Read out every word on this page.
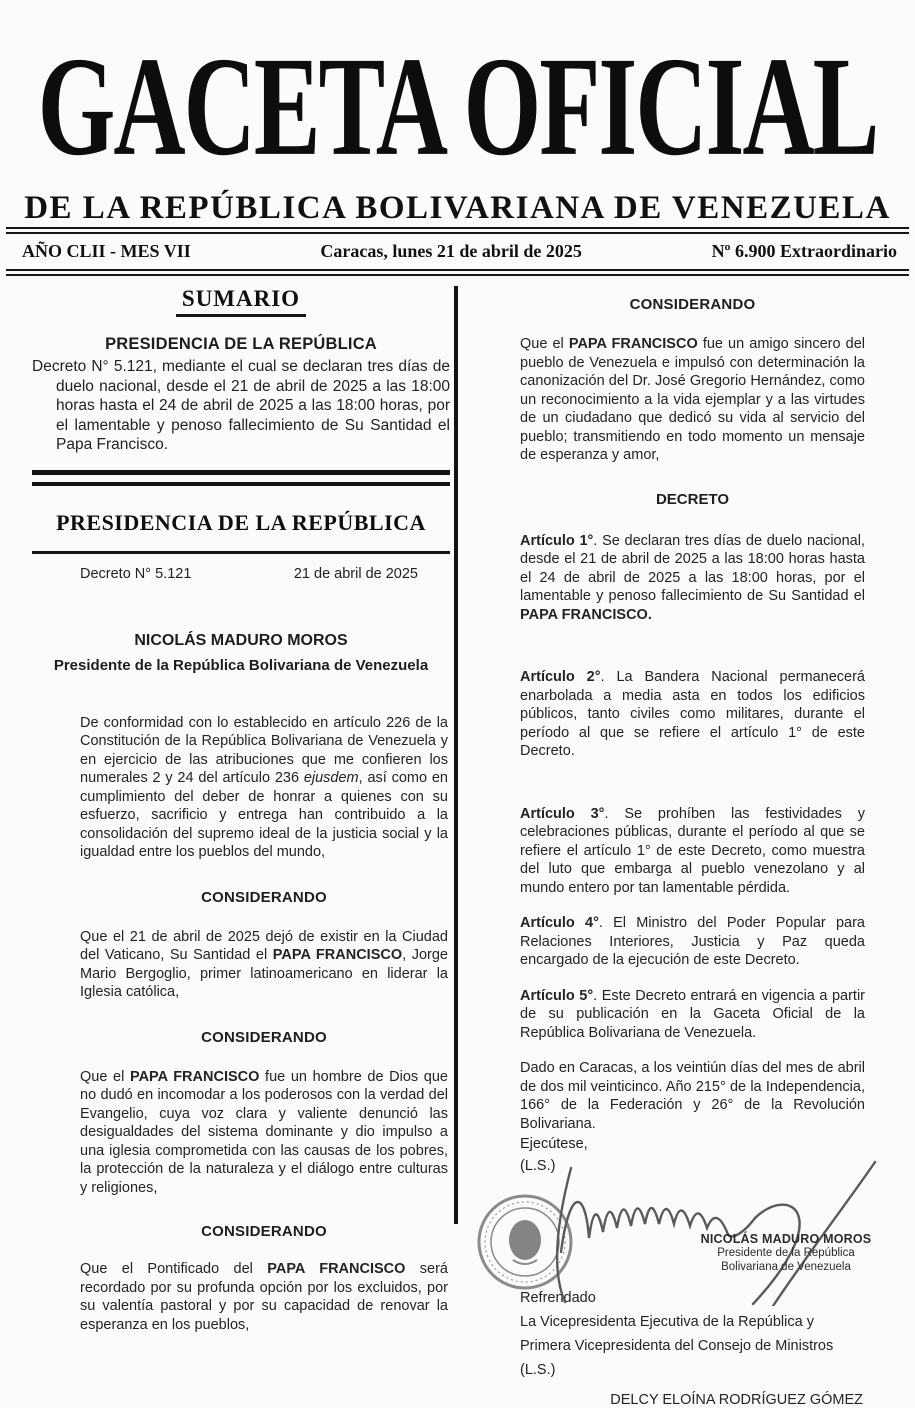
GACETA OFICIAL
DE LA REPÚBLICA BOLIVARIANA DE VENEZUELA
AÑO CLII - MES VII	Caracas, lunes 21 de abril de 2025	Nº 6.900 Extraordinario
SUMARIO
PRESIDENCIA DE LA REPÚBLICA
Decreto N° 5.121, mediante el cual se declaran tres días de duelo nacional, desde el 21 de abril de 2025 a las 18:00 horas hasta el 24 de abril de 2025 a las 18:00 horas, por el lamentable y penoso fallecimiento de Su Santidad el Papa Francisco.
PRESIDENCIA DE LA REPÚBLICA
Decreto N° 5.121	21 de abril de 2025
NICOLÁS MADURO MOROS
Presidente de la República Bolivariana de Venezuela

De conformidad con lo establecido en artículo 226 de la Constitución de la República Bolivariana de Venezuela y en ejercicio de las atribuciones que me confieren los numerales 2 y 24 del artículo 236 ejusdem, así como en cumplimiento del deber de honrar a quienes con su esfuerzo, sacrificio y entrega han contribuido a la consolidación del supremo ideal de la justicia social y la igualdad entre los pueblos del mundo,

CONSIDERANDO

Que el 21 de abril de 2025 dejó de existir en la Ciudad del Vaticano, Su Santidad el PAPA FRANCISCO, Jorge Mario Bergoglio, primer latinoamericano en liderar la Iglesia católica,

CONSIDERANDO

Que el PAPA FRANCISCO fue un hombre de Dios que no dudó en incomodar a los poderosos con la verdad del Evangelio, cuya voz clara y valiente denunció las desigualdades del sistema dominante y dio impulso a una iglesia comprometida con las causas de los pobres, la protección de la naturaleza y el diálogo entre culturas y religiones,

CONSIDERANDO

Que el Pontificado del PAPA FRANCISCO será recordado por su profunda opción por los excluidos, por su valentía pastoral y por su capacidad de renovar la esperanza en los pueblos,

CONSIDERANDO

Que el PAPA FRANCISCO fue un amigo sincero del pueblo de Venezuela e impulsó con determinación la canonización del Dr. José Gregorio Hernández, como un reconocimiento a la vida ejemplar y a las virtudes de un ciudadano que dedicó su vida al servicio del pueblo; transmitiendo en todo momento un mensaje de esperanza y amor,

DECRETO

Artículo 1°. Se declaran tres días de duelo nacional, desde el 21 de abril de 2025 a las 18:00 horas hasta el 24 de abril de 2025 a las 18:00 horas, por el lamentable y penoso fallecimiento de Su Santidad el PAPA FRANCISCO.

Artículo 2°. La Bandera Nacional permanecerá enarbolada a media asta en todos los edificios públicos, tanto civiles como militares, durante el período al que se refiere el artículo 1° de este Decreto.

Artículo 3°. Se prohíben las festividades y celebraciones públicas, durante el período al que se refiere el artículo 1° de este Decreto, como muestra del luto que embarga al pueblo venezolano y al mundo entero por tan lamentable pérdida.

Artículo 4°. El Ministro del Poder Popular para Relaciones Interiores, Justicia y Paz queda encargado de la ejecución de este Decreto.

Artículo 5°. Este Decreto entrará en vigencia a partir de su publicación en la Gaceta Oficial de la República Bolivariana de Venezuela.

Dado en Caracas, a los veintiún días del mes de abril de dos mil veinticinco. Año 215° de la Independencia, 166° de la Federación y 26° de la Revolución Bolivariana.

Ejecútese,
(L.S.)
NICOLÁS MADURO MOROS
Presidente de la República
Bolivariana de Venezuela
Refrendado
La Vicepresidenta Ejecutiva de la República y
Primera Vicepresidenta del Consejo de Ministros
(L.S.)
DELCY ELOÍNA RODRÍGUEZ GÓMEZ
